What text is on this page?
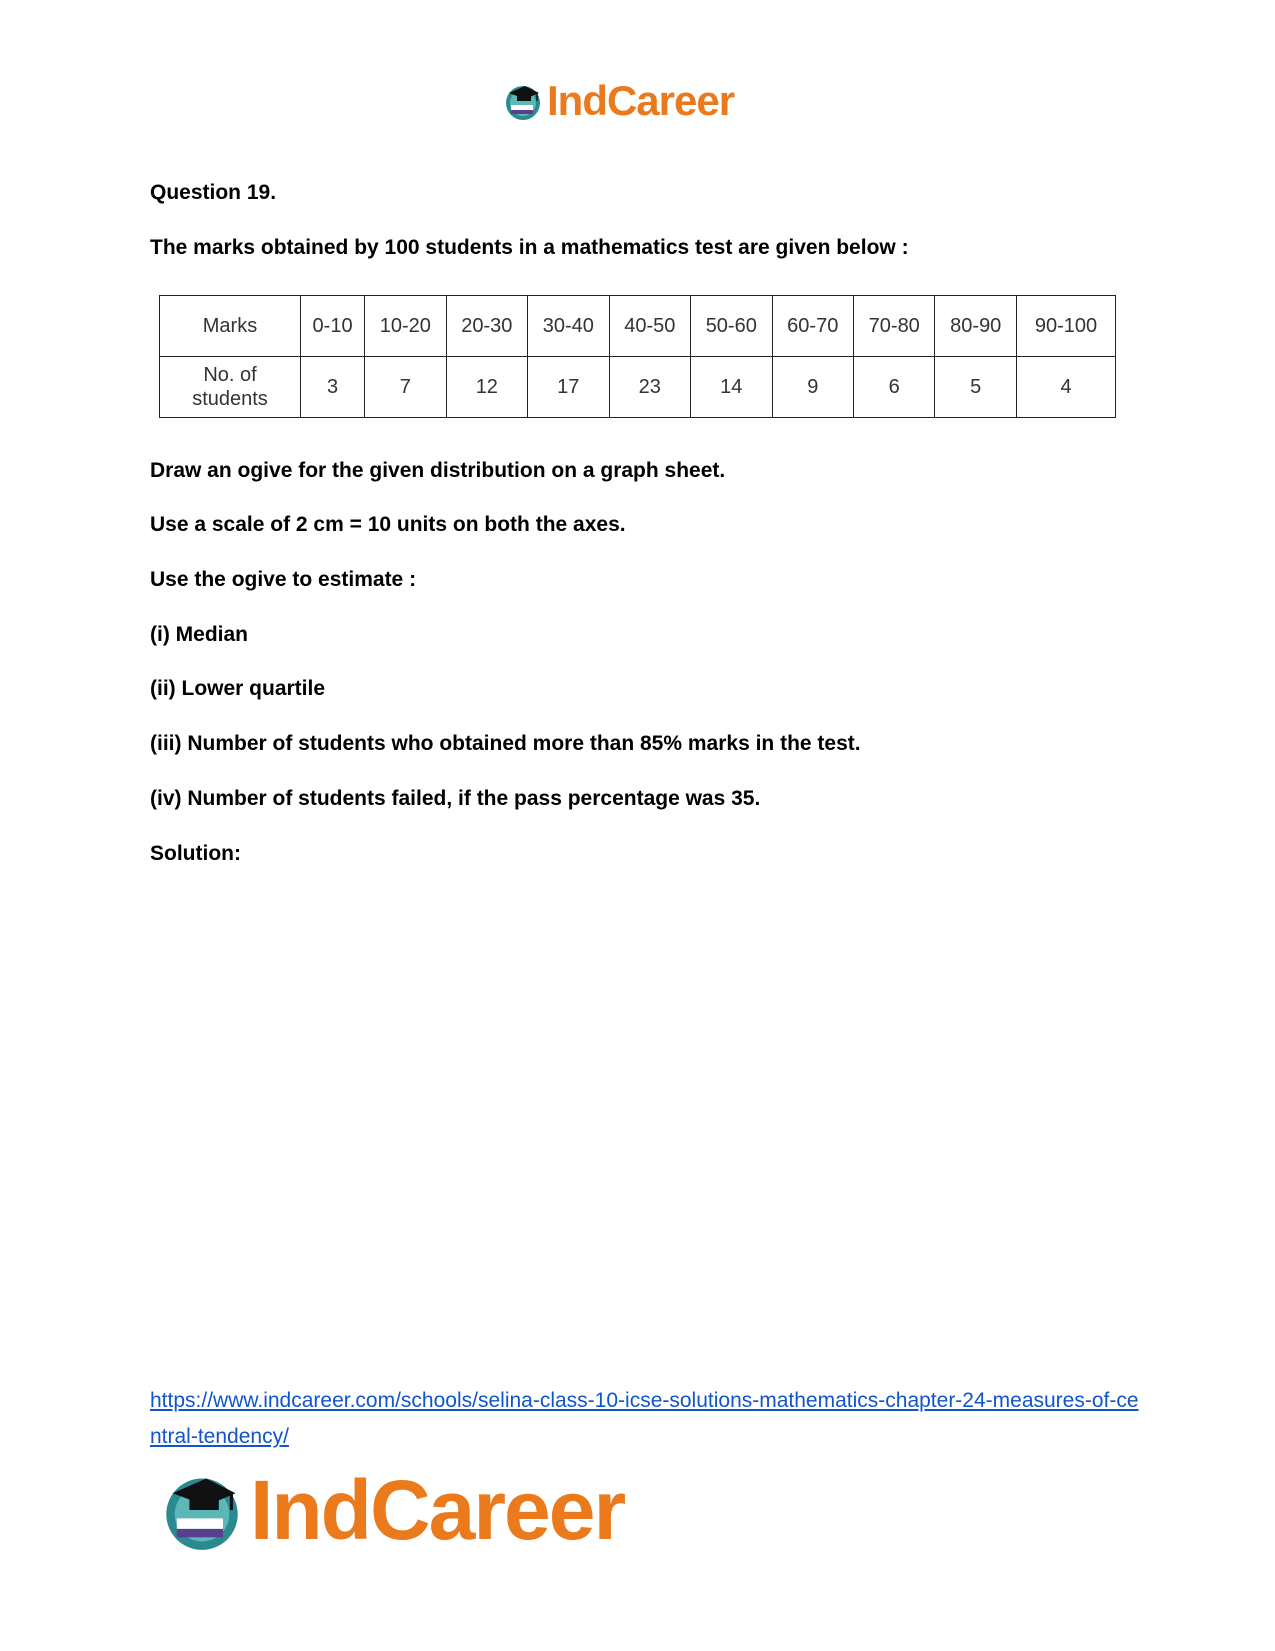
IndCareer
Question 19.
The marks obtained by 100 students in a mathematics test are given below :
Marks	0-10	10-20	20-30	30-40	40-50	50-60	60-70	70-80	80-90	90-100
No. of students	3	7	12	17	23	14	9	6	5	4
Draw an ogive for the given distribution on a graph sheet.
Use a scale of 2 cm = 10 units on both the axes.
Use the ogive to estimate :
(i) Median
(ii) Lower quartile
(iii) Number of students who obtained more than 85% marks in the test.
(iv) Number of students failed, if the pass percentage was 35.
Solution:
https://www.indcareer.com/schools/selina-class-10-icse-solutions-mathematics-chapter-24-measures-of-central-tendency/
IndCareer
